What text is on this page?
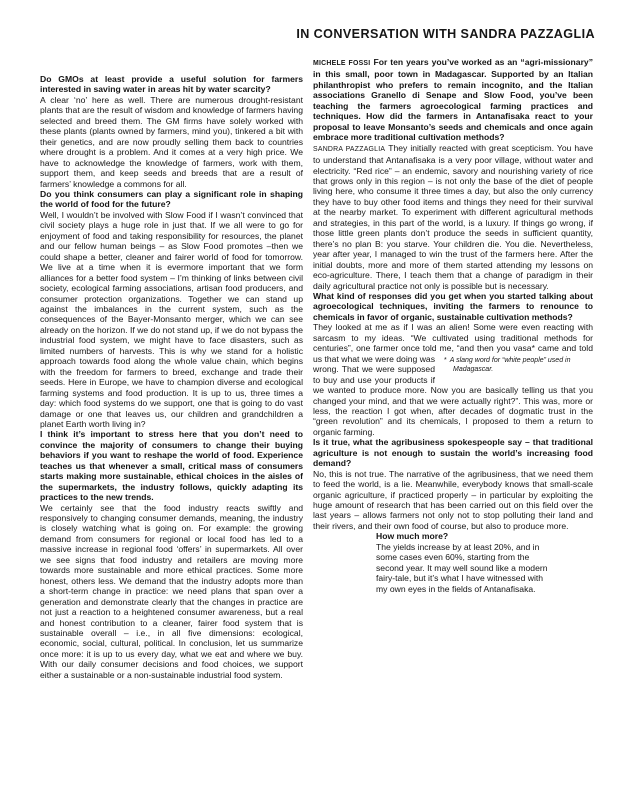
IN CONVERSATION WITH SANDRA PAZZAGLIA

Do GMOs at least provide a useful solution for farmers interested in saving water in areas hit by water scarcity?

A clear ‘no’ here as well. There are numerous drought-resistant plants that are the result of wisdom and knowledge of farmers having selected and breed them. The GM firms have solely worked with these plants (plants owned by farmers, mind you), tinkered a bit with their genetics, and are now proudly selling them back to countries where drought is a problem. And it comes at a very high price. We have to acknowledge the knowledge of farmers, work with them, support them, and keep seeds and breeds that are a result of farmers’ knowledge a commons for all.

Do you think consumers can play a significant role in shaping the world of food for the future?

Well, I wouldn’t be involved with Slow Food if I wasn’t convinced that civil society plays a huge role in just that. If we all were to go for enjoyment of food and taking responsibility for resources, the planet and our fellow human beings – as Slow Food promotes –then we could shape a better, cleaner and fairer world of food for tomorrow. We live at a time when it is evermore important that we form alliances for a better food system – I’m thinking of links between civil society, ecological farming associations, artisan food producers, and consumer protection organizations. Together we can stand up against the imbalances in the current system, such as the consequences of the Bayer-Monsanto merger, which we can see already on the horizon. If we do not stand up, if we do not bypass the industrial food system, we might have to face disasters, such as limited numbers of harvests. This is why we stand for a holistic approach towards food along the whole value chain, which begins with the freedom for farmers to breed, exchange and trade their seeds. Here in Europe, we have to champion diverse and ecological farming systems and food production. It is up to us, three times a day: which food systems do we support, one that is going to do vast damage or one that leaves us, our children and grandchildren a planet Earth worth living in?

I think it’s important to stress here that you don’t need to convince the majority of consumers to change their buying behaviors if you want to reshape the world of food. Experience teaches us that whenever a small, critical mass of consumers starts making more sustainable, ethical choices in the aisles of the supermarkets, the industry follows, quickly adapting its practices to the new trends.

We certainly see that the food industry reacts swiftly and responsively to changing consumer demands, meaning, the industry is closely watching what is going on. For example: the growing demand from consumers for regional or local food has led to a massive increase in regional food ‘offers’ in supermarkets. All over we see signs that food industry and retailers are moving more towards more sustainable and more ethical practices. Some more honest, others less. We demand that the industry adopts more than a short-term change in practice: we need plans that span over a generation and demonstrate clearly that the changes in practice are not just a reaction to a heightened consumer awareness, but a real and honest contribution to a cleaner, fairer food system that is sustainable overall – i.e., in all five dimensions: ecological, economic, social, cultural, political. In conclusion, let us summarize once more: it is up to us every day, what we eat and where we buy. With our daily consumer decisions and food choices, we support either a sustainable or a non-sustainable industrial food system.

MICHELE FOSSI For ten years you’ve worked as an “agri-missionary” in this small, poor town in Madagascar. Supported by an Italian philanthropist who prefers to remain incognito, and the Italian associations Granello di Senape and Slow Food, you’ve been teaching the farmers agroecological farming practices and techniques. How did the farmers in Antanafisaka react to your proposal to leave Monsanto’s seeds and chemicals and once again embrace more traditional cultivation methods?

SANDRA PAZZAGLIA They initially reacted with great scepticism. You have to understand that Antanafisaka is a very poor village, without water and electricity. “Red rice” – an endemic, savory and nourishing variety of rice that grows only in this region – is not only the base of the diet of people living here, who consume it three times a day, but also the only currency they have to buy other food items and things they need for their survival at the nearby market. To experiment with different agricultural methods and strategies, in this part of the world, is a luxury. If things go wrong, if those little green plants don’t produce the seeds in sufficient quantity, there’s no plan B: you starve. Your children die. You die. Nevertheless, year after year, I managed to win the trust of the farmers here. After the initial doubts, more and more of them started attending my lessons on eco-agriculture. There, I teach them that a change of paradigm in their daily agricultural practice not only is possible but is necessary.

What kind of responses did you get when you started talking about agroecological techniques, inviting the farmers to renounce to chemicals in favor of organic, sustainable cultivation methods?

They looked at me as if I was an alien! Some were even reacting with sarcasm to my ideas. “We cultivated using traditional methods for centuries”, one farmer once told me, “and
* A slang word for “white people” used in Madagascar.
then you vasa* came and told us that what we were doing was wrong. That we were supposed to buy and use your products if we wanted to produce more. Now you are basically telling us that you changed your mind, and that we were actually right?”. This was, more or less, the reaction I got when, after decades of dogmatic trust in the “green revolution” and its chemicals, I proposed to them a return to organic farming.

Is it true, what the agribusiness spokespeople say – that traditional agriculture is not enough to sustain the world’s increasing food demand?

No, this is not true. The narrative of the agribusiness, that we need them to feed the world, is a lie. Meanwhile, everybody knows that small-scale organic agriculture, if practiced properly – in particular by exploiting the huge amount of research that has been carried out on this field over the last years – allows farmers not only not to stop polluting their land and their rivers, and their own food of course, but also to produce more.

How much more?

The yields increase by at least 20%, and in some cases even 60%, starting from the second year. It may well sound like a modern fairy-tale, but it’s what I have witnessed with my own eyes in the fields of Antanafisaka.
